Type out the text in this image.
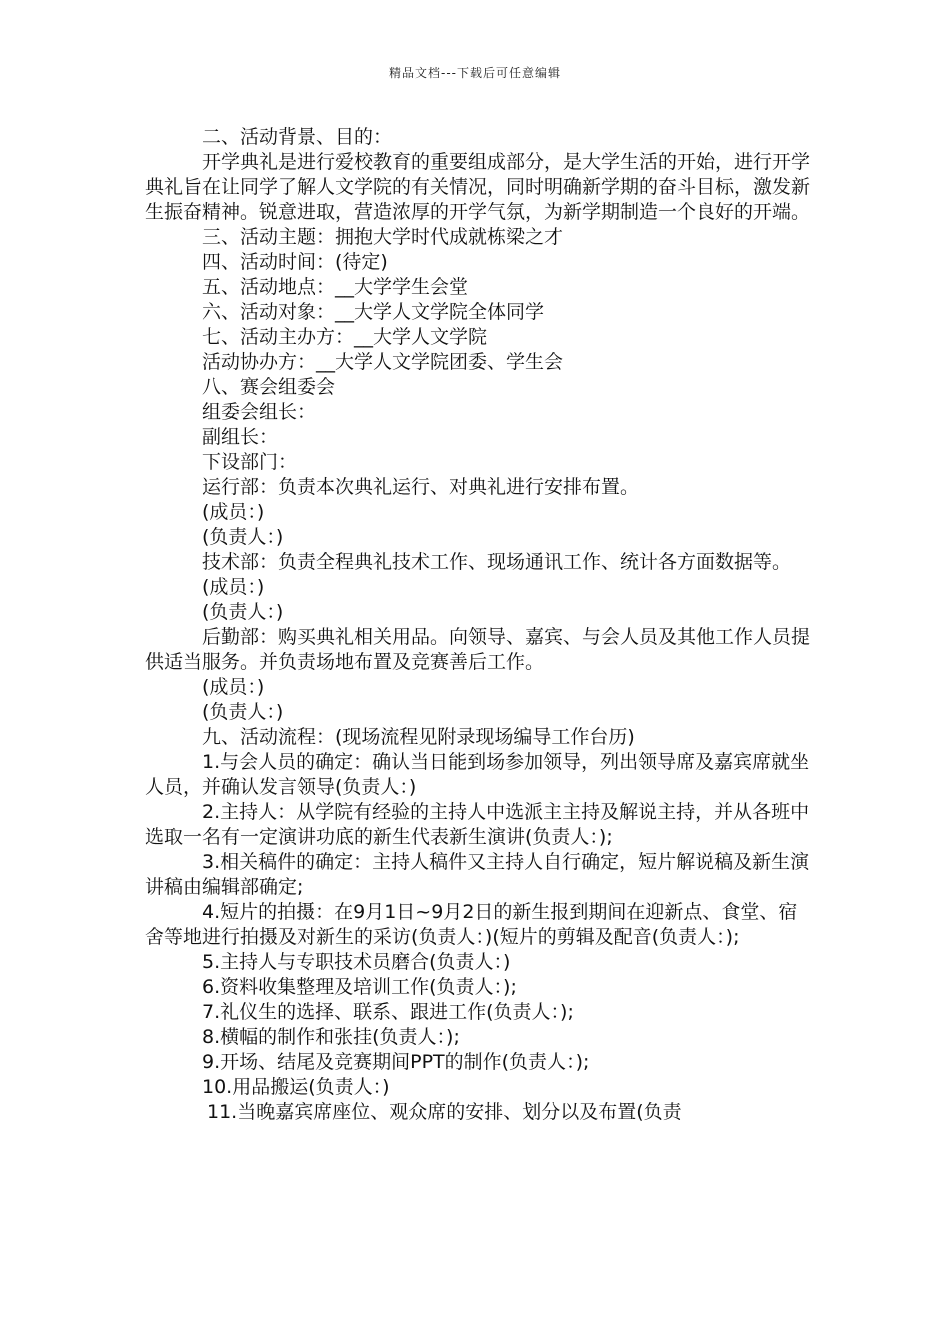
精品文档---下载后可任意编辑

二、活动背景、目的：

开学典礼是进行爱校教育的重要组成部分，是大学生活的开始，进行开学典礼旨在让同学了解人文学院的有关情况，同时明确新学期的奋斗目标，激发新生振奋精神。锐意进取，营造浓厚的开学气氛，为新学期制造一个良好的开端。

三、活动主题：拥抱大学时代成就栋梁之才

四、活动时间：(待定)

五、活动地点：__大学学生会堂

六、活动对象：__大学人文学院全体同学

七、活动主办方：__大学人文学院

活动协办方：__大学人文学院团委、学生会

八、赛会组委会

组委会组长：

副组长：

下设部门：

运行部：负责本次典礼运行、对典礼进行安排布置。

(成员：)

(负责人：)

技术部：负责全程典礼技术工作、现场通讯工作、统计各方面数据等。

(成员：)

(负责人：)

后勤部：购买典礼相关用品。向领导、嘉宾、与会人员及其他工作人员提供适当服务。并负责场地布置及竞赛善后工作。

(成员：)

(负责人：)

九、活动流程：(现场流程见附录现场编导工作台历)

1.与会人员的确定：确认当日能到场参加领导，列出领导席及嘉宾席就坐人员，并确认发言领导(负责人：)

2.主持人：从学院有经验的主持人中选派主主持及解说主持，并从各班中选取一名有一定演讲功底的新生代表新生演讲(负责人：);

3.相关稿件的确定：主持人稿件又主持人自行确定，短片解说稿及新生演讲稿由编辑部确定;

4.短片的拍摄：在9月1日~9月2日的新生报到期间在迎新点、食堂、宿舍等地进行拍摄及对新生的采访(负责人：)(短片的剪辑及配音(负责人：);

5.主持人与专职技术员磨合(负责人：)

6.资料收集整理及培训工作(负责人：);

7.礼仪生的选择、联系、跟进工作(负责人：);

8.横幅的制作和张挂(负责人：);

9.开场、结尾及竞赛期间PPT的制作(负责人：);

10.用品搬运(负责人：)

11.当晚嘉宾席座位、观众席的安排、划分以及布置(负责
